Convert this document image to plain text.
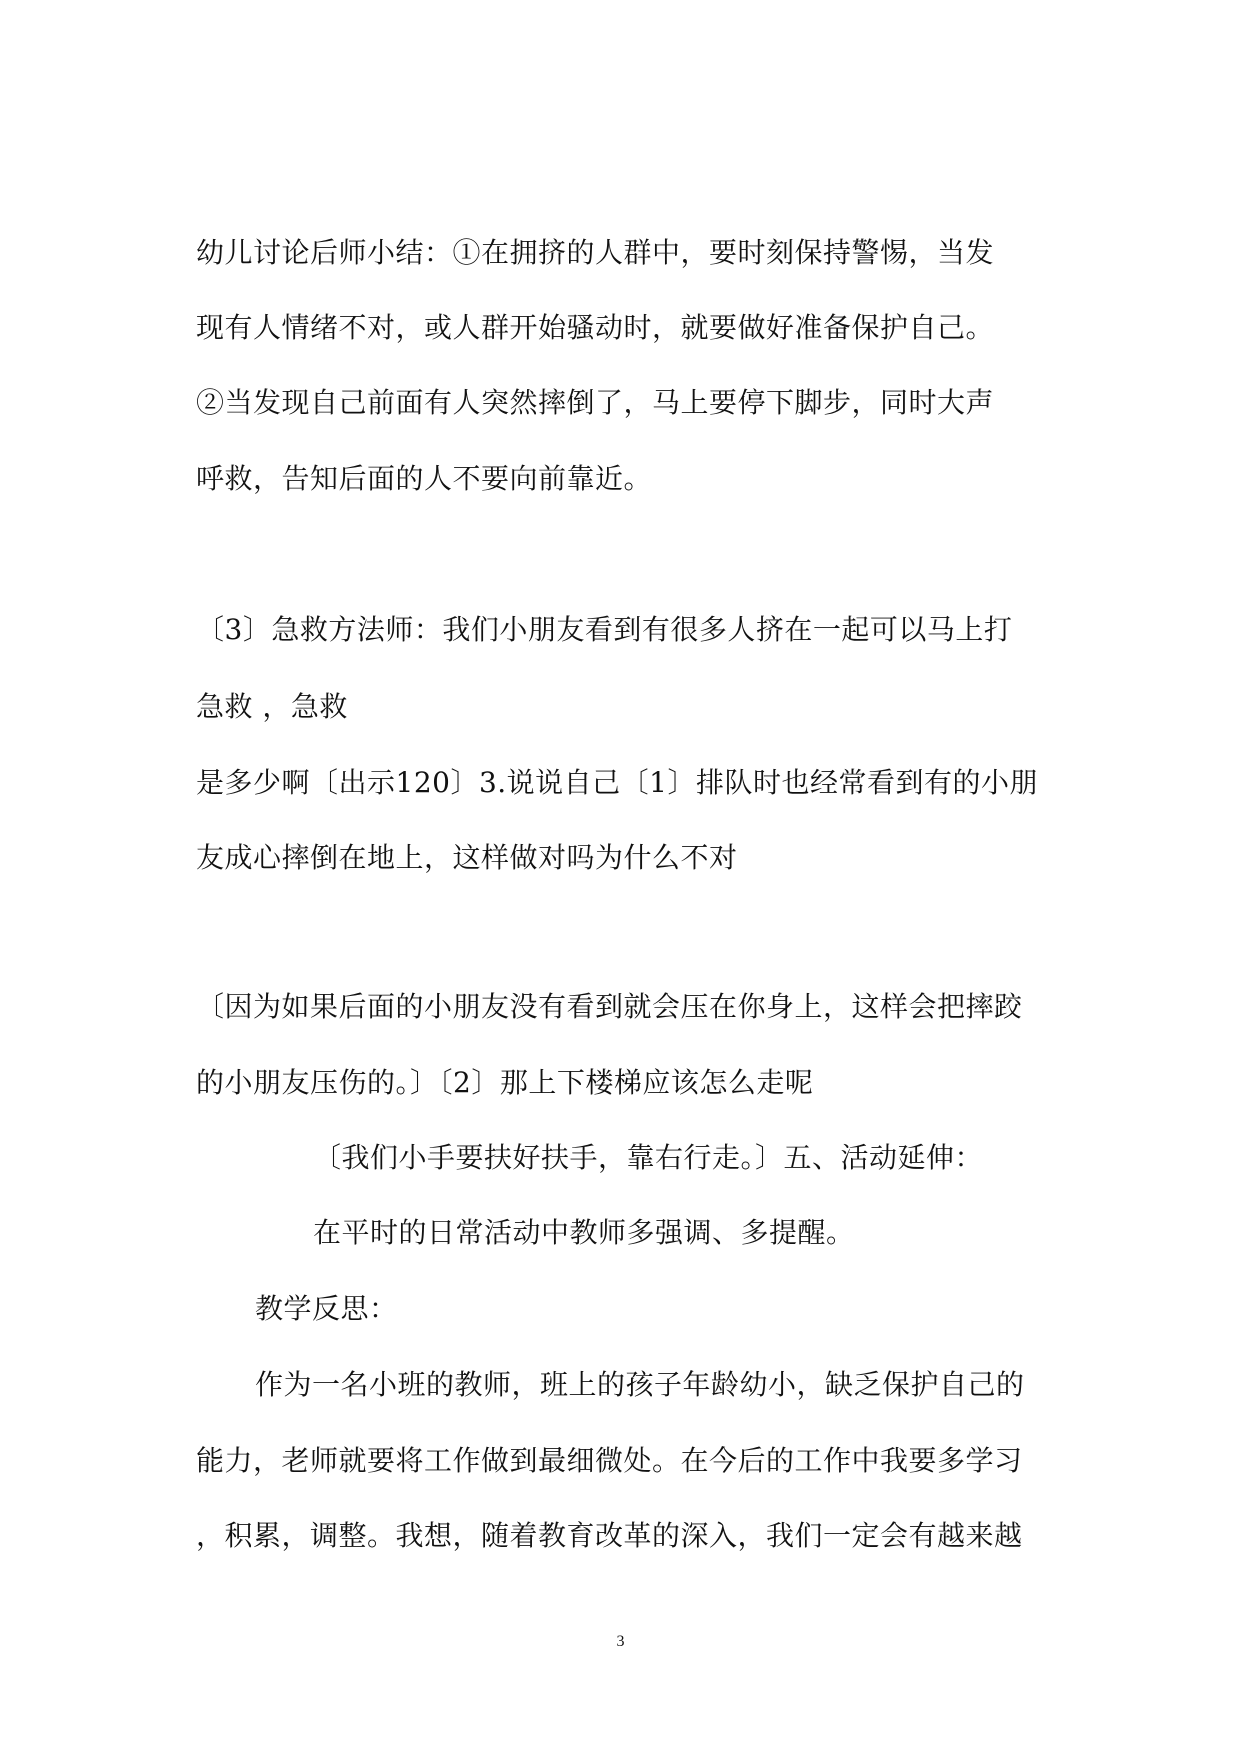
幼儿讨论后师小结：①在拥挤的人群中，要时刻保持警惕，当发
现有人情绪不对，或人群开始骚动时，就要做好准备保护自己。
②当发现自己前面有人突然摔倒了，马上要停下脚步，同时大声
呼救，告知后面的人不要向前靠近。
〔3〕急救方法师：我们小朋友看到有很多人挤在一起可以马上打
急救 ，急救
是多少啊〔出示120〕3.说说自己〔1〕排队时也经常看到有的小朋
友成心摔倒在地上，这样做对吗为什么不对
〔因为如果后面的小朋友没有看到就会压在你身上，这样会把摔跤
的小朋友压伤的。〕〔2〕那上下楼梯应该怎么走呢
〔我们小手要扶好扶手，靠右行走。〕五、活动延伸：
在平时的日常活动中教师多强调、多提醒。
教学反思：
作为一名小班的教师，班上的孩子年龄幼小，缺乏保护自己的
能力，老师就要将工作做到最细微处。在今后的工作中我要多学习
，积累，调整。我想，随着教育改革的深入，我们一定会有越来越
3
